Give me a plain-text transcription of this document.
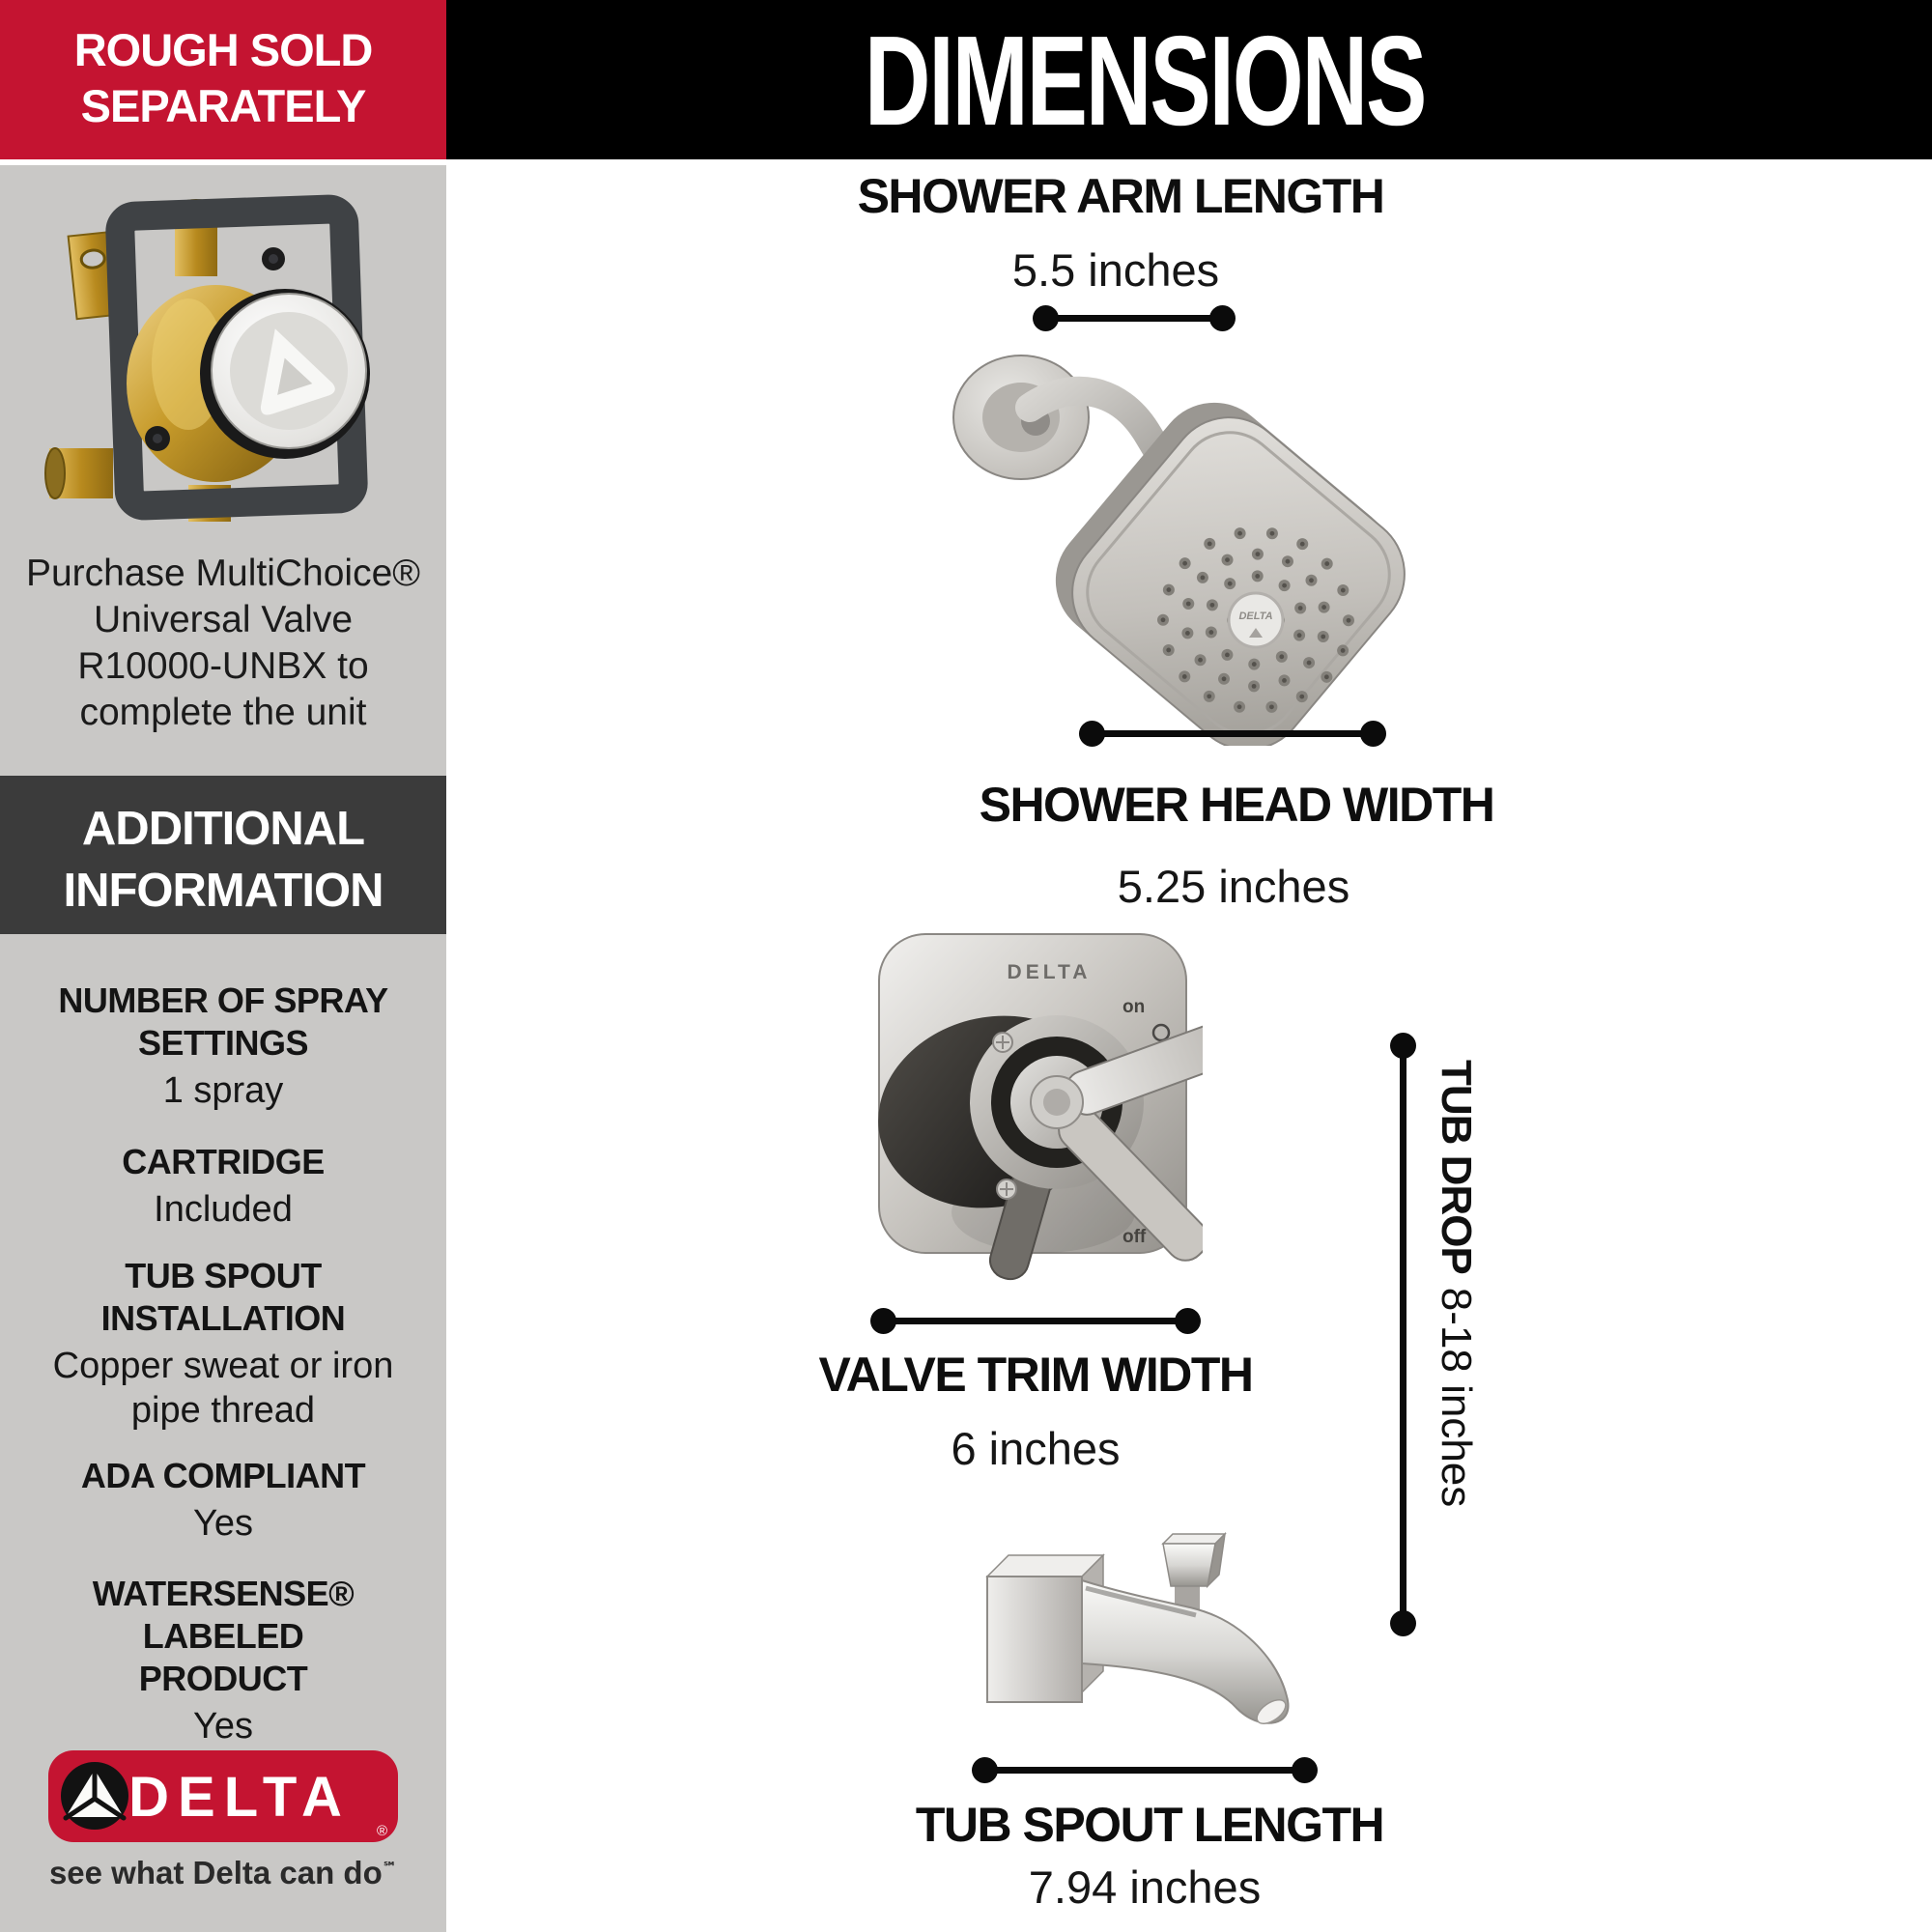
ROUGH SOLD
SEPARATELY
Purchase MultiChoice®
Universal Valve
R10000-UNBX to
complete the unit
ADDITIONAL
INFORMATION
NUMBER OF SPRAY SETTINGS
1 spray
CARTRIDGE
Included
TUB SPOUT INSTALLATION
Copper sweat or iron pipe thread
ADA COMPLIANT
Yes
WATERSENSE® LABELED PRODUCT
Yes
DELTA
®
see what Delta can do℠
DIMENSIONS
SHOWER ARM LENGTH
5.5 inches
DELTA
SHOWER HEAD WIDTH
5.25 inches
DELTA
on
off
VALVE TRIM WIDTH
6 inches
TUB DROP8-18 inches
TUB SPOUT LENGTH
7.94 inches
